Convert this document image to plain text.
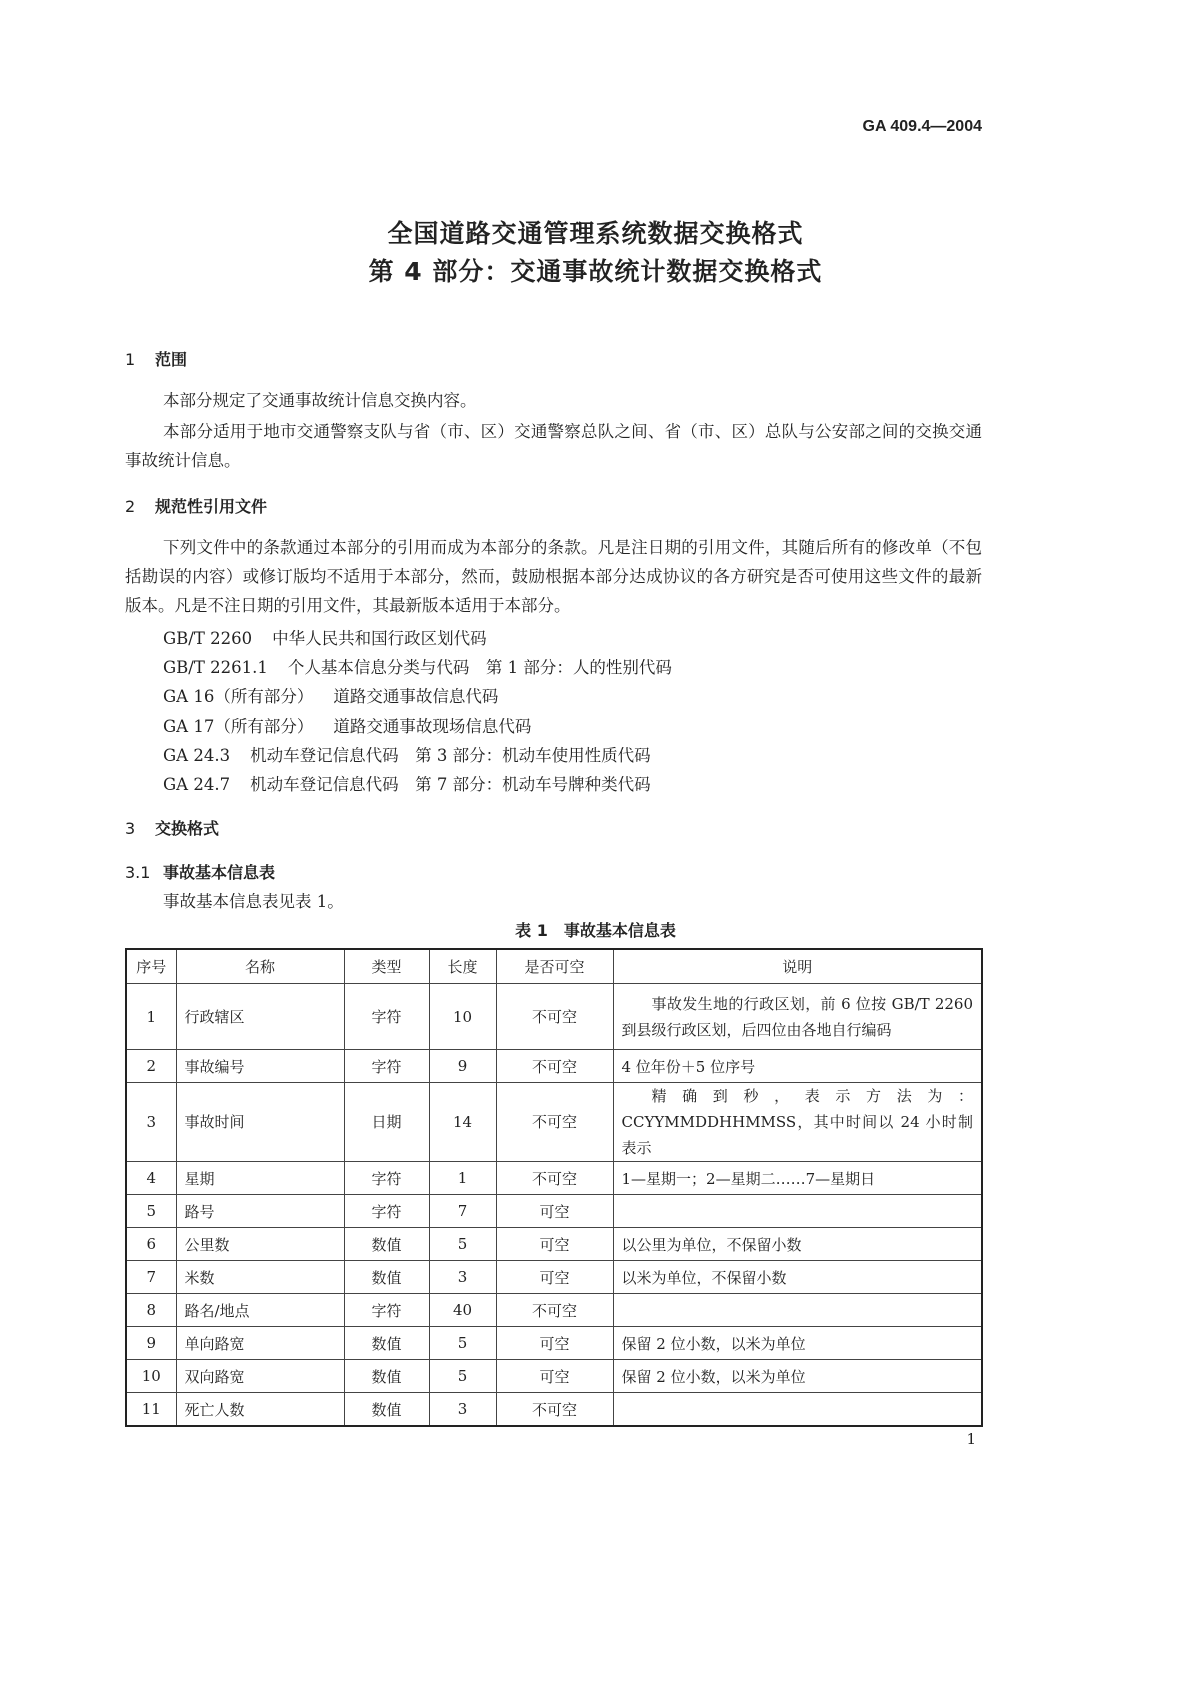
GA 409.4—2004
全国道路交通管理系统数据交换格式
第 4 部分：交通事故统计数据交换格式
1 范围
本部分规定了交通事故统计信息交换内容。
本部分适用于地市交通警察支队与省（市、区）交通警察总队之间、省（市、区）总队与公安部之间的交换交通事故统计信息。
2 规范性引用文件
下列文件中的条款通过本部分的引用而成为本部分的条款。凡是注日期的引用文件，其随后所有的修改单（不包括勘误的内容）或修订版均不适用于本部分，然而，鼓励根据本部分达成协议的各方研究是否可使用这些文件的最新版本。凡是不注日期的引用文件，其最新版本适用于本部分。
GB/T 2260 中华人民共和国行政区划代码
GB/T 2261.1 个人基本信息分类与代码　第 1 部分：人的性别代码
GA 16（所有部分） 道路交通事故信息代码
GA 17（所有部分） 道路交通事故现场信息代码
GA 24.3 机动车登记信息代码　第 3 部分：机动车使用性质代码
GA 24.7 机动车登记信息代码　第 7 部分：机动车号牌种类代码
3 交换格式
3.1 事故基本信息表
事故基本信息表见表 1。
表 1　事故基本信息表
序号	名称	类型	长度	是否可空	说明
1	行政辖区	字符	10	不可空	事故发生地的行政区划，前 6 位按 GB/T 2260 到县级行政区划，后四位由各地自行编码
2	事故编号	字符	9	不可空	4 位年份＋5 位序号
3	事故时间	日期	14	不可空	精确到秒，表示方法为：CCYYMMDDHHMMSS，其中时间以 24 小时制表示
4	星期	字符	1	不可空	1—星期一；2—星期二……7—星期日
5	路号	字符	7	可空	
6	公里数	数值	5	可空	以公里为单位，不保留小数
7	米数	数值	3	可空	以米为单位，不保留小数
8	路名/地点	字符	40	不可空	
9	单向路宽	数值	5	可空	保留 2 位小数，以米为单位
10	双向路宽	数值	5	可空	保留 2 位小数，以米为单位
11	死亡人数	数值	3	不可空	
1
